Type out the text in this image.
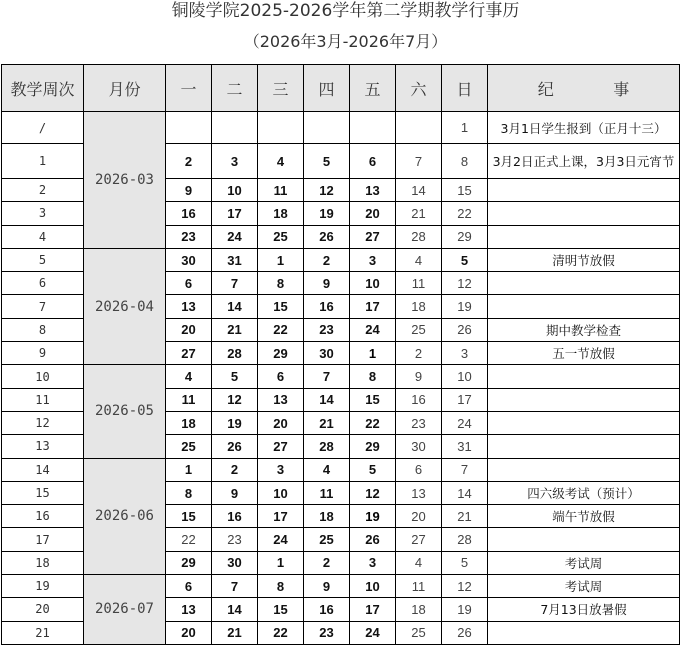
铜陵学院2025-2026学年第二学期教学行事历
（2026年3月-2026年7月）
教学周次	月份	一	二	三	四	五	六	日	纪 事

/	2026-03							1	3月1日学生报到（正月十三）
1		2	3	4	5	6	7	8	3月2日正式上课，3月3日元宵节
2		9	10	11	12	13	14	15	
3		16	17	18	19	20	21	22	
4		23	24	25	26	27	28	29	
5	2026-04	30	31	1	2	3	4	5	清明节放假
6		6	7	8	9	10	11	12	
7		13	14	15	16	17	18	19	
8		20	21	22	23	24	25	26	期中教学检查
9		27	28	29	30	1	2	3	五一节放假
10	2026-05	4	5	6	7	8	9	10	
11		11	12	13	14	15	16	17	
12		18	19	20	21	22	23	24	
13		25	26	27	28	29	30	31	
14	2026-06	1	2	3	4	5	6	7	
15		8	9	10	11	12	13	14	四六级考试（预计）
16		15	16	17	18	19	20	21	端午节放假
17		22	23	24	25	26	27	28	
18		29	30	1	2	3	4	5	考试周
19	2026-07	6	7	8	9	10	11	12	考试周
20		13	14	15	16	17	18	19	7月13日放暑假
21		20	21	22	23	24	25	26	
